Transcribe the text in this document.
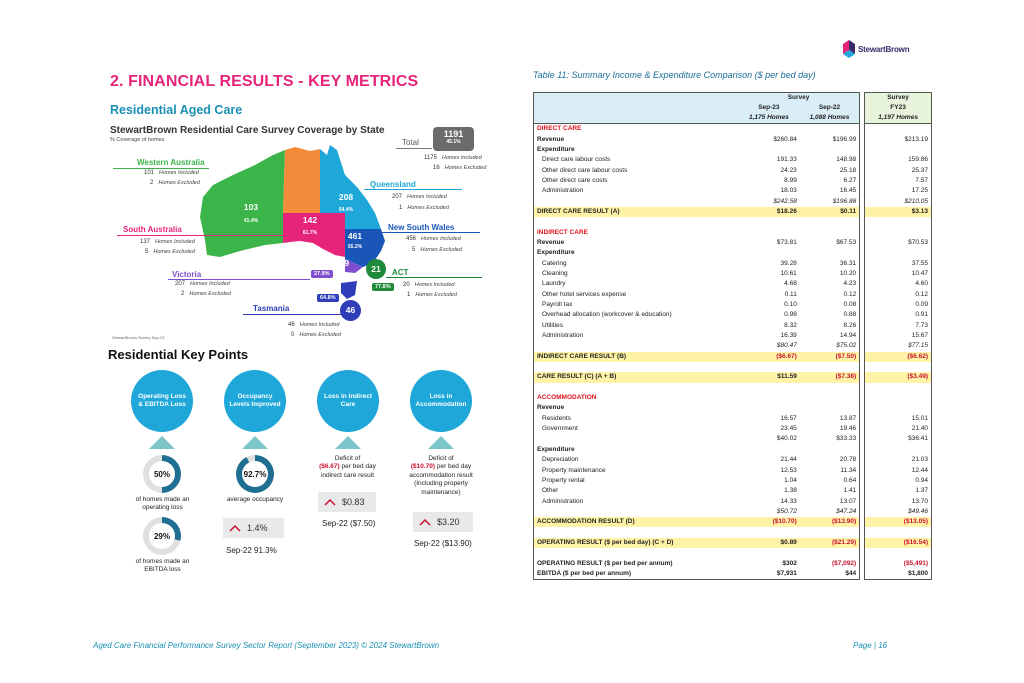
StewartBrown
2. FINANCIAL RESULTS - KEY METRICS
Residential Aged Care
StewartBrown Residential Care Survey Coverage by State
% Coverage of homes
103
41.4%	142
61.7%
208
64.4%
461
55.2%
209
27.9%	21
77.8%
46
64.8%
Western Australia
101 Homes Included
2 Homes Excluded
South Australia
137 Homes Included
5 Homes Excluded
Victoria
207 Homes Included
2 Homes Excluded
Tasmania
46 Homes Included
0 Homes Excluded
Total
1191
45.1%
1175 Homes Included
16 Homes Excluded
Queensland
207 Homes Included
1 Homes Excluded
New South Wales
456 Homes Included
5 Homes Excluded
ACT
20 Homes Included
1 Homes Excluded
StewartBrown Survey Sep-23
Residential Key Points
Operating Loss & EBITDA Loss
50%
of homes made an operating loss
29%
of homes made an EBITDA loss
Occupancy Levels Improved
92.7%
average occupancy
1.4%
Sep-22 91.3%
Loss in Indirect Care
Deficit of
($6.67) per bed day
indirect care result
$0.83
Sep-22 ($7.50)
Loss in Accommodation
Deficit of
($10.70) per bed day
accommodation result
(Including property
maintenance)
$3.20
Sep-22 ($13.90)
Table 11: Summary Income & Expenditure Comparison ($ per bed day)
	Survey			Survey
	Sep-23	Sep-22		FY23
	1,175 Homes	1,088 Homes		1,197 Homes
DIRECT CARE				
Revenue	$260.84	$196.99		$213.19
Expenditure				
Direct care labour costs	191.33	148.98		159.86
Other direct care labour costs	24.23	25.18		25.37
Other direct care costs	8.99	6.27		7.57
Administration	18.03	16.45		17.25
	$242.58	$196.88		$210.05
DIRECT CARE RESULT (A)	$18.26	$0.11		$3.13

INDIRECT CARE				
Revenue	$73.81	$67.53		$70.53
Expenditure				
Catering	39.28	36.31		37.55
Cleaning	10.61	10.20		10.47
Laundry	4.68	4.23		4.60
Other hotel services expense	0.11	0.12		0.12
Payroll tax	0.10	0.08		0.09
Overhead allocation (workcover & education)	0.98	0.88		0.91
Utilities	8.32	8.26		7.73
Administration	16.39	14.94		15.67
	$80.47	$75.02		$77.15
INDIRECT CARE RESULT (B)	($6.67)	($7.50)		($6.62)

CARE RESULT (C) (A + B)	$11.59	($7.38)		($3.49)

ACCOMMODATION				
Revenue				
Residents	16.57	13.87		15.01
Government	23.45	19.46		21.40
	$40.02	$33.33		$36.41
Expenditure				
Depreciation	21.44	20.78		21.03
Property maintenance	12.53	11.34		12.44
Property rental	1.04	0.64		0.94
Other	1.38	1.41		1.37
Administration	14.33	13.07		13.70
	$50.72	$47.24		$49.46
ACCOMMODATION RESULT (D)	($10.70)	($13.90)		($13.05)

OPERATING RESULT ($ per bed day) (C + D)	$0.89	($21.29)		($16.54)

OPERATING RESULT ($ per bed per annum)	$302	($7,092)		($5,491)
EBITDA ($ per bed per annum)	$7,931	$44		$1,800
Aged Care Financial Performance Survey Sector Report (September 2023) © 2024 StewartBrown	Page | 16
